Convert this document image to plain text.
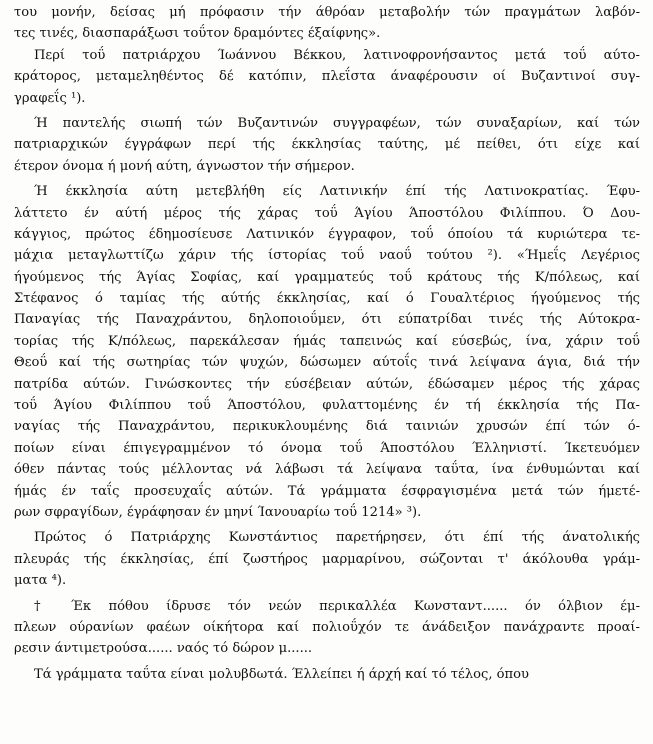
του μονήν, δείσας μή πρόφασιν τήν άθρόαν μεταβολήν τών πραγμάτων λαβόν-
τες τινές, διασπαράξωσι τοΰτον δραμόντες έξαίφνης».
Περί τοΰ πατριάρχου Ίωάννου Βέκκου, λατινοφρονήσαντος μετά τοΰ αύτο-
κράτορος, μεταμεληθέντος δέ κατόπιν, πλεΐστα άναφέρουσιν οί Βυζαντινοί συγ-
γραφεΐς ¹).
Ή παντελής σιωπή τών Βυζαντινών συγγραφέων, τών συναξαρίων, καί τών
πατριαρχικών έγγράφων περί τής έκκλησίας ταύτης, μέ πείθει, ότι είχε καί
έτερον όνομα ή μονή αύτη, άγνωστον τήν σήμερον.
Ή έκκλησία αύτη μετεβλήθη είς Λατινικήν έπί τής Λατινοκρατίας. Έφυ-
λάττετο έν αύτή μέρος τής χάρας τοΰ Άγίου Άποστόλου Φιλίππου. Ό Δου-
κάγγιος, πρώτος έδημοσίευσε Λατινικόν έγγραφον, τοΰ όποίου τά κυριώτερα τε-
μάχια μεταγλωττίζω χάριν τής ίστορίας τοΰ ναοΰ τούτου ²). «Ήμεΐς Λεγέριος
ήγούμενος τής Άγίας Σοφίας, καί γραμματεύς τοΰ κράτους τής Κ/πόλεως, καί
Στέφανος ό ταμίας τής αύτής έκκλησίας, καί ό Γουαλτέριος ήγούμενος τής
Παναγίας τής Παναχράντου, δηλοποιοΰμεν, ότι εύπατρίδαι τινές τής Αύτοκρα-
τορίας τής Κ/πόλεως, παρεκάλεσαν ήμάς ταπεινώς καί εύσεβώς, ίνα, χάριν τοΰ
Θεοΰ καί τής σωτηρίας τών ψυχών, δώσωμεν αύτοΐς τινά λείψανα άγια, διά τήν
πατρίδα αύτών. Γινώσκοντες τήν εύσέβειαν αύτών, έδώσαμεν μέρος τής χάρας
τοΰ Άγίου Φιλίππου τοΰ Άποστόλου, φυλαττομένης έν τή έκκλησία τής Πα-
ναγίας τής Παναχράντου, περικυκλουμένης διά ταινιών χρυσών έπί τών ό-
ποίων είναι έπιγεγραμμένον τό όνομα τοΰ Άποστόλου Έλληνιστί. Ίκετευόμεν
όθεν πάντας τούς μέλλοντας νά λάβωσι τά λείψανα ταΰτα, ίνα ένθυμώνται καί
ήμάς έν ταΐς προσευχαΐς αύτών. Τά γράμματα έσφραγισμένα μετά τών ήμετέ-
ρων σφραγίδων, έγράφησαν έν μηνί Ίανουαρίω τοΰ 1214» ³).
Πρώτος ό Πατριάρχης Κωνστάντιος παρετήρησεν, ότι έπί τής άνατολικής
πλευράς τής έκκλησίας, έπί ζωστήρος μαρμαρίνου, σώζονται τ' άκόλουθα γράμ-
ματα ⁴).
† Έκ πόθου ίδρυσε τόν νεών περικαλλέα Κωνσταντ...... όν όλβιον έμ-
πλεων ούρανίων φαέων οίκήτορα καί πολιοΰχόν τε άνάδειξον πανάχραντε προαί-
ρεσιν άντιμετρούσα...... ναός τό δώρον μ......
Τά γράμματα ταΰτα είναι μολυβδωτά. Έλλείπει ή άρχή καί τό τέλος, όπου
